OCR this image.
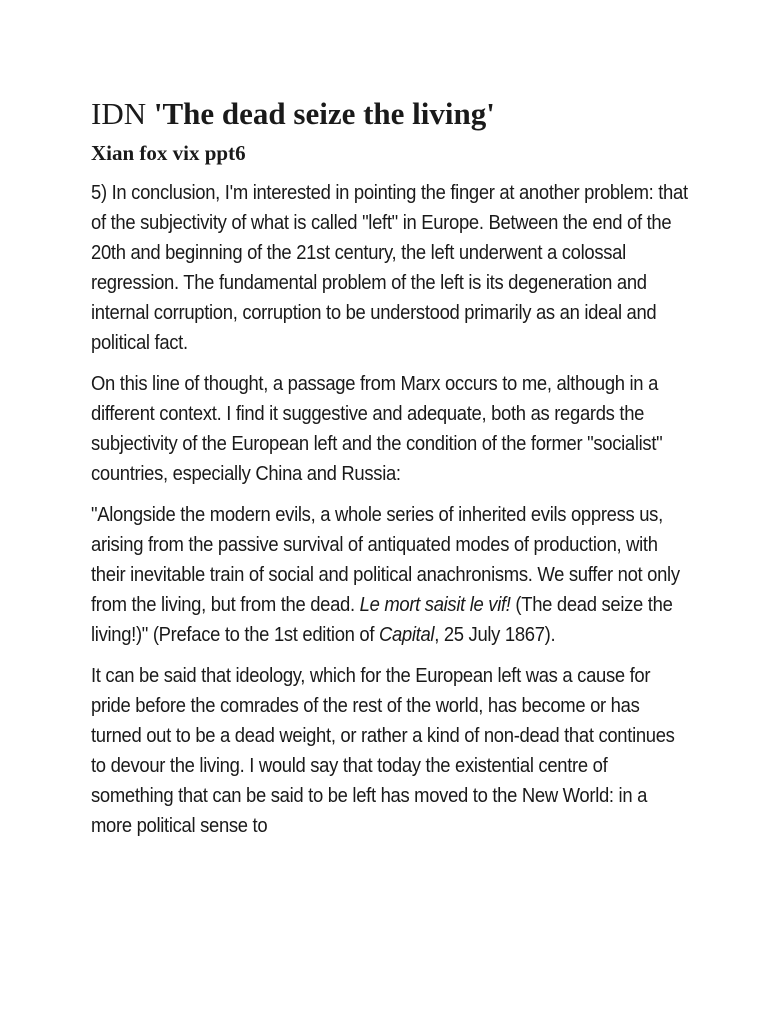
IDN 'The dead seize the living'
Xian fox vix ppt6

5) In conclusion, I'm interested in pointing the finger at another problem: that of the subjectivity of what is called "left" in Europe. Between the end of the 20th and beginning of the 21st century, the left underwent a colossal regression. The fundamental problem of the left is its degeneration and internal corruption, corruption to be understood primarily as an ideal and political fact.

On this line of thought, a passage from Marx occurs to me, although in a different context. I find it suggestive and adequate, both as regards the subjectivity of the European left and the condition of the former "socialist" countries, especially China and Russia:

"Alongside the modern evils, a whole series of inherited evils oppress us, arising from the passive survival of antiquated modes of production, with their inevitable train of social and political anachronisms. We suffer not only from the living, but from the dead. Le mort saisit le vif! (The dead seize the living!)" (Preface to the 1st edition of Capital, 25 July 1867).

It can be said that ideology, which for the European left was a cause for pride before the comrades of the rest of the world, has become or has turned out to be a dead weight, or rather a kind of non-dead that continues to devour the living. I would say that today the existential centre of something that can be said to be left has moved to the New World: in a more political sense to
